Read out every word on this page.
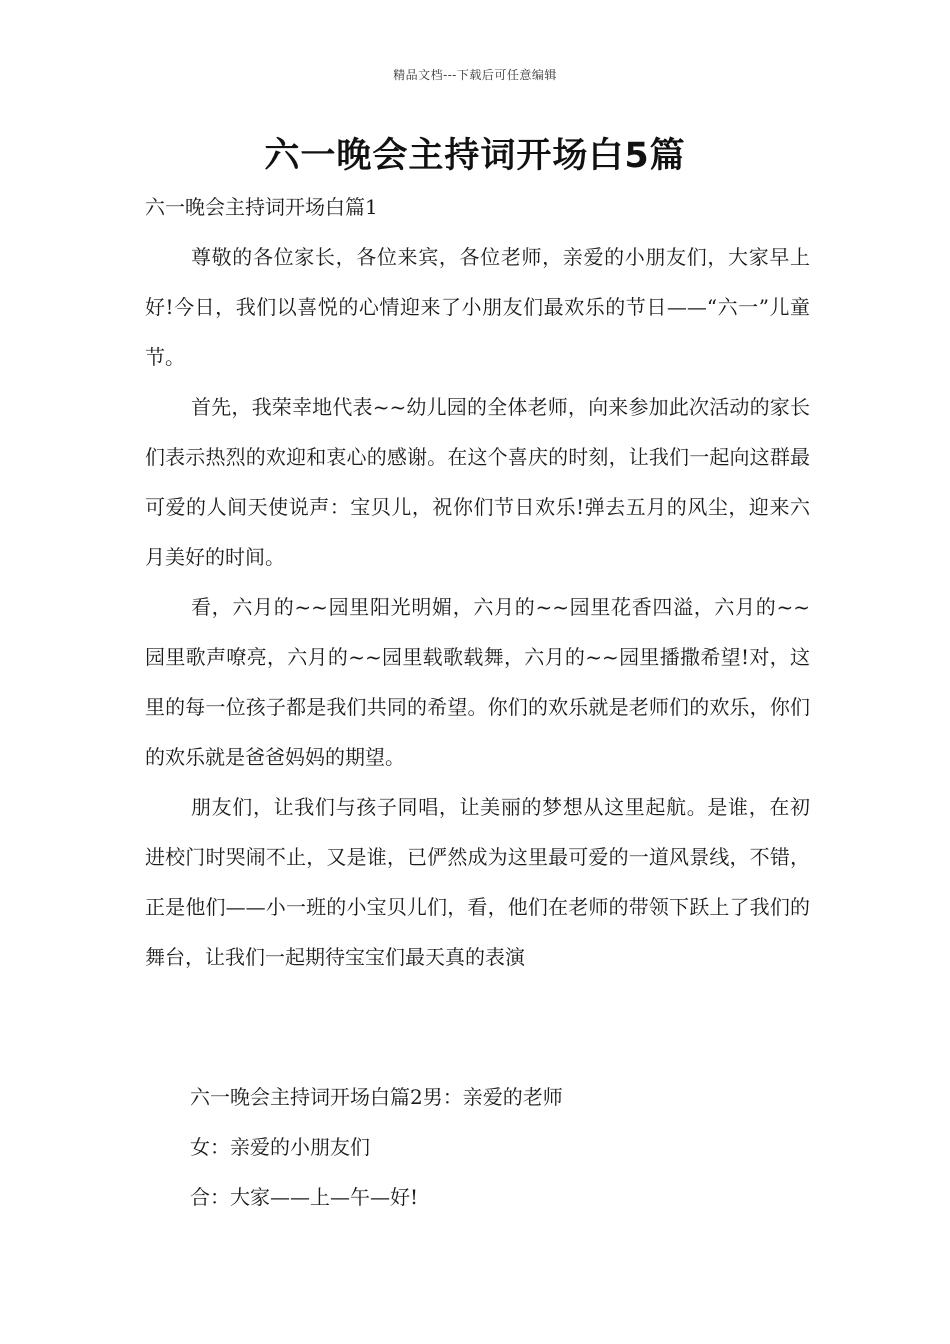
精品文档---下载后可任意编辑
六一晚会主持词开场白5篇

六一晚会主持词开场白篇1

尊敬的各位家长，各位来宾，各位老师，亲爱的小朋友们，大家早上好!今日，我们以喜悦的心情迎来了小朋友们最欢乐的节日——“六一”儿童节。

首先，我荣幸地代表~~幼儿园的全体老师，向来参加此次活动的家长们表示热烈的欢迎和衷心的感谢。在这个喜庆的时刻，让我们一起向这群最可爱的人间天使说声：宝贝儿，祝你们节日欢乐!弹去五月的风尘，迎来六月美好的时间。

看，六月的~~园里阳光明媚，六月的~~园里花香四溢，六月的~~园里歌声嘹亮，六月的~~园里载歌载舞，六月的~~园里播撒希望!对，这里的每一位孩子都是我们共同的希望。你们的欢乐就是老师们的欢乐，你们的欢乐就是爸爸妈妈的期望。

朋友们，让我们与孩子同唱，让美丽的梦想从这里起航。是谁，在初进校门时哭闹不止，又是谁，已俨然成为这里最可爱的一道风景线，不错，正是他们——小一班的小宝贝儿们，看，他们在老师的带领下跃上了我们的舞台，让我们一起期待宝宝们最天真的表演

六一晚会主持词开场白篇2男：亲爱的老师

女：亲爱的小朋友们

合：大家——上—午—好!
